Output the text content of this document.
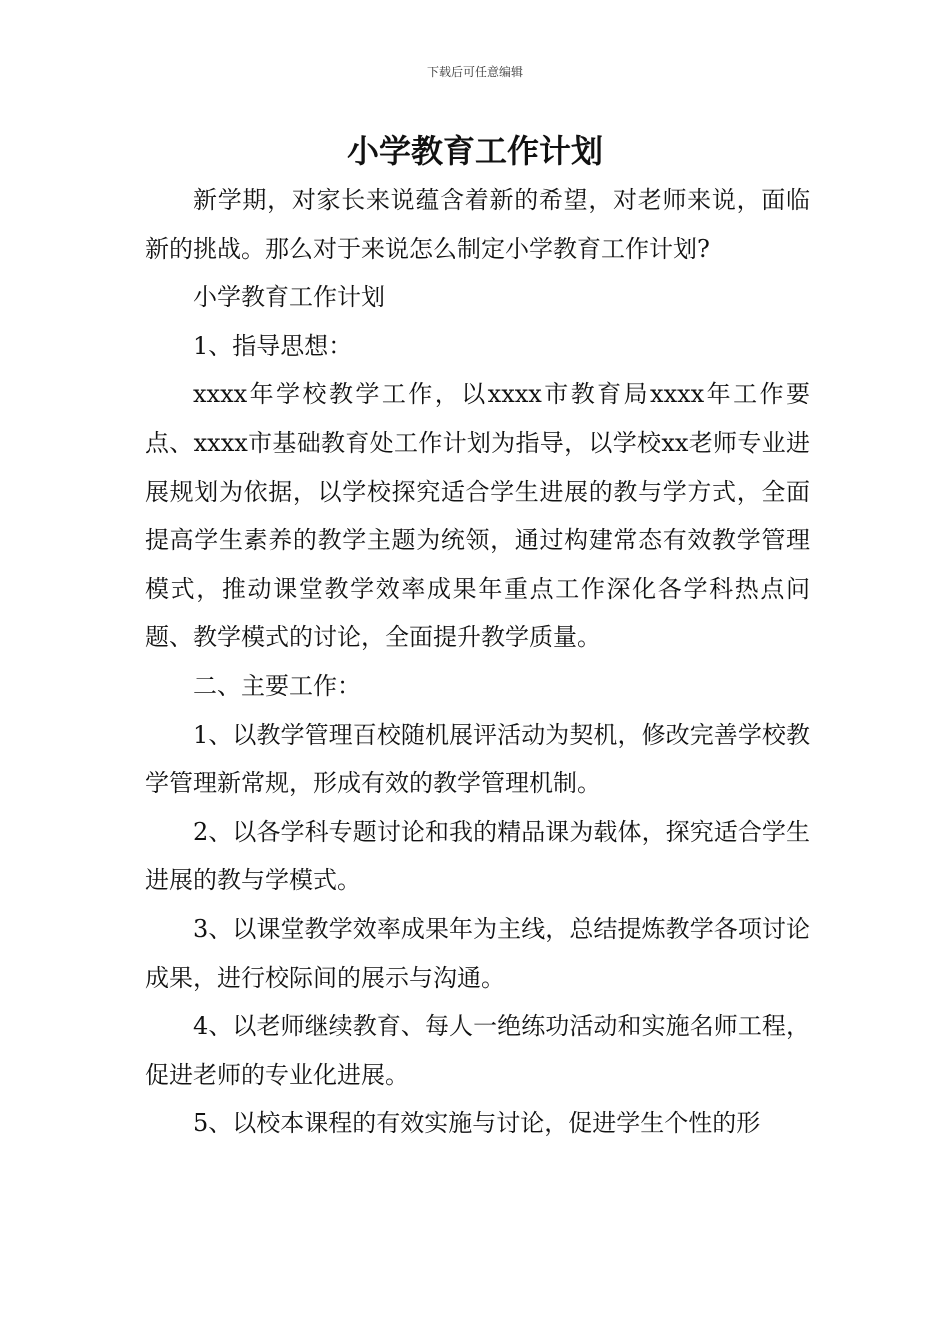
下载后可任意编辑
小学教育工作计划

新学期，对家长来说蕴含着新的希望，对老师来说，面临新的挑战。那么对于来说怎么制定小学教育工作计划?

小学教育工作计划

1、指导思想：

xxxx年学校教学工作，以xxxx市教育局xxxx年工作要点、xxxx市基础教育处工作计划为指导，以学校xx老师专业进展规划为依据，以学校探究适合学生进展的教与学方式，全面提高学生素养的教学主题为统领，通过构建常态有效教学管理模式，推动课堂教学效率成果年重点工作深化各学科热点问题、教学模式的讨论，全面提升教学质量。

二、主要工作：

1、以教学管理百校随机展评活动为契机，修改完善学校教学管理新常规，形成有效的教学管理机制。

2、以各学科专题讨论和我的精品课为载体，探究适合学生进展的教与学模式。

3、以课堂教学效率成果年为主线，总结提炼教学各项讨论成果，进行校际间的展示与沟通。

4、以老师继续教育、每人一绝练功活动和实施名师工程，促进老师的专业化进展。

5、以校本课程的有效实施与讨论，促进学生个性的形
